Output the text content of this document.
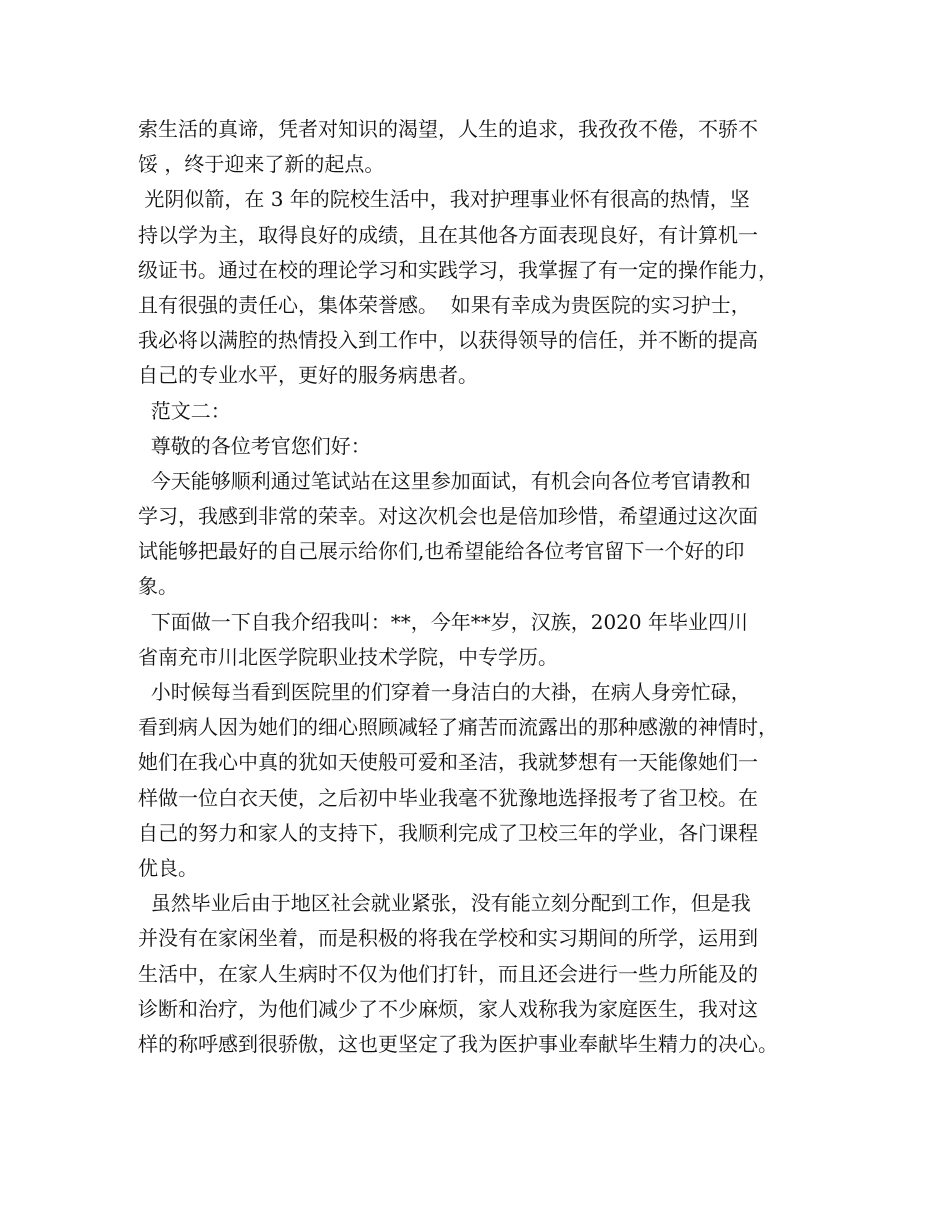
索生活的真谛，凭者对知识的渴望，人生的追求，我孜孜不倦，不骄不
馁 ，终于迎来了新的起点。
光阴似箭，在 3 年的院校生活中，我对护理事业怀有很高的热情，坚
持以学为主，取得良好的成绩，且在其他各方面表现良好，有计算机一
级证书。通过在校的理论学习和实践学习，我掌握了有一定的操作能力，
且有很强的责任心，集体荣誉感。  如果有幸成为贵医院的实习护士，
我必将以满腔的热情投入到工作中，以获得领导的信任，并不断的提高
自己的专业水平，更好的服务病患者。
范文二：
尊敬的各位考官您们好：
今天能够顺利通过笔试站在这里参加面试，有机会向各位考官请教和
学习，我感到非常的荣幸。对这次机会也是倍加珍惜，希望通过这次面
试能够把最好的自己展示给你们,也希望能给各位考官留下一个好的印
象。
下面做一下自我介绍我叫：**，今年**岁，汉族，2020 年毕业四川
省南充市川北医学院职业技术学院，中专学历。
小时候每当看到医院里的们穿着一身洁白的大褂，在病人身旁忙碌，
看到病人因为她们的细心照顾减轻了痛苦而流露出的那种感激的神情时，
她们在我心中真的犹如天使般可爱和圣洁，我就梦想有一天能像她们一
样做一位白衣天使，之后初中毕业我毫不犹豫地选择报考了省卫校。在
自己的努力和家人的支持下，我顺利完成了卫校三年的学业，各门课程
优良。
虽然毕业后由于地区社会就业紧张，没有能立刻分配到工作，但是我
并没有在家闲坐着，而是积极的将我在学校和实习期间的所学，运用到
生活中，在家人生病时不仅为他们打针，而且还会进行一些力所能及的
诊断和治疗，为他们减少了不少麻烦，家人戏称我为家庭医生，我对这
样的称呼感到很骄傲，这也更坚定了我为医护事业奉献毕生精力的决心。
